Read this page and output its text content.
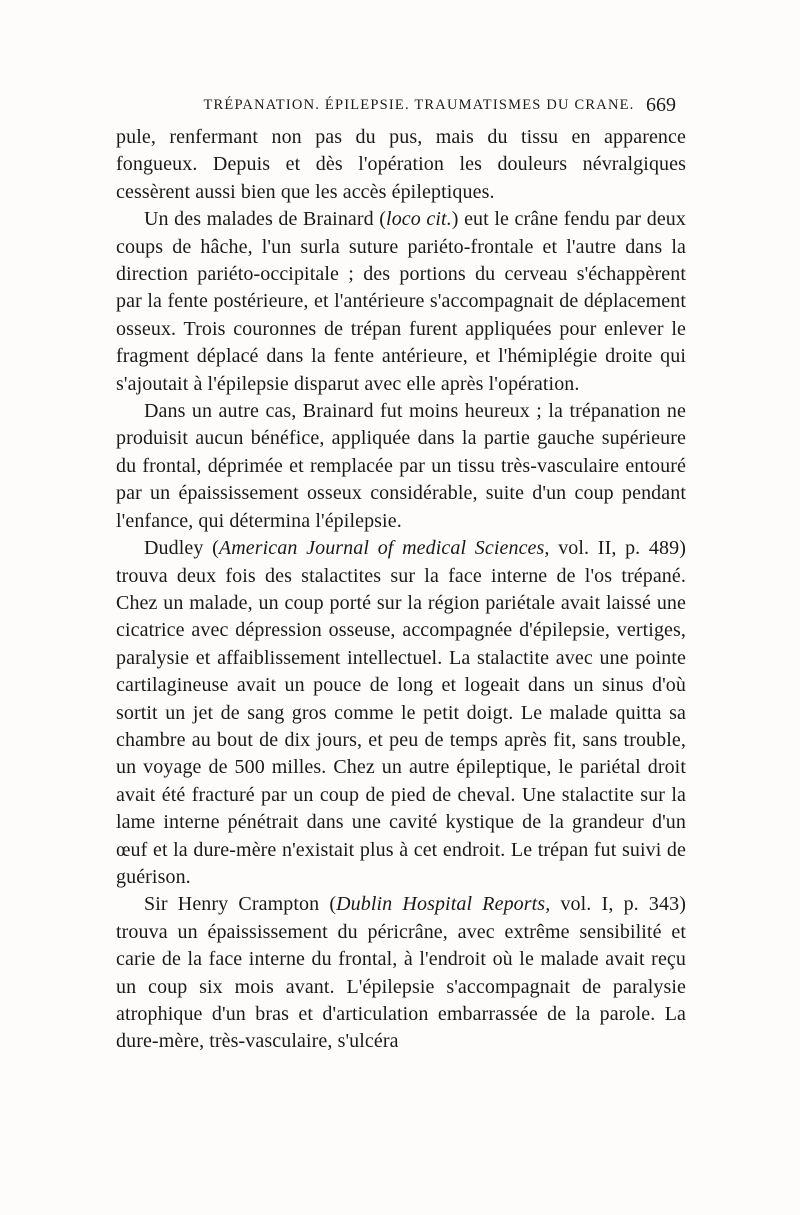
TRÉPANATION. ÉPILEPSIE. TRAUMATISMES DU CRANE. 669

pule, renfermant non pas du pus, mais du tissu en apparence fongueux. Depuis et dès l'opération les douleurs névralgiques cessèrent aussi bien que les accès épileptiques.

Un des malades de Brainard (loco cit.) eut le crâne fendu par deux coups de hâche, l'un surla suture pariéto-frontale et l'autre dans la direction pariéto-occipitale ; des portions du cerveau s'échappèrent par la fente postérieure, et l'antérieure s'accompagnait de déplacement osseux. Trois couronnes de trépan furent appliquées pour enlever le fragment déplacé dans la fente antérieure, et l'hémiplégie droite qui s'ajoutait à l'épilepsie disparut avec elle après l'opération.

Dans un autre cas, Brainard fut moins heureux ; la trépanation ne produisit aucun bénéfice, appliquée dans la partie gauche supérieure du frontal, déprimée et remplacée par un tissu très-vasculaire entouré par un épaississement osseux considérable, suite d'un coup pendant l'enfance, qui détermina l'épilepsie.

Dudley (American Journal of medical Sciences, vol. II, p. 489) trouva deux fois des stalactites sur la face interne de l'os trépané. Chez un malade, un coup porté sur la région pariétale avait laissé une cicatrice avec dépression osseuse, accompagnée d'épilepsie, vertiges, paralysie et affaiblissement intellectuel. La stalactite avec une pointe cartilagineuse avait un pouce de long et logeait dans un sinus d'où sortit un jet de sang gros comme le petit doigt. Le malade quitta sa chambre au bout de dix jours, et peu de temps après fit, sans trouble, un voyage de 500 milles. Chez un autre épileptique, le pariétal droit avait été fracturé par un coup de pied de cheval. Une stalactite sur la lame interne pénétrait dans une cavité kystique de la grandeur d'un œuf et la dure-mère n'existait plus à cet endroit. Le trépan fut suivi de guérison.

Sir Henry Crampton (Dublin Hospital Reports, vol. I, p. 343) trouva un épaississement du péricrâne, avec extrême sensibilité et carie de la face interne du frontal, à l'endroit où le malade avait reçu un coup six mois avant. L'épilepsie s'accompagnait de paralysie atrophique d'un bras et d'articulation embarrassée de la parole. La dure-mère, très-vasculaire, s'ulcéra
